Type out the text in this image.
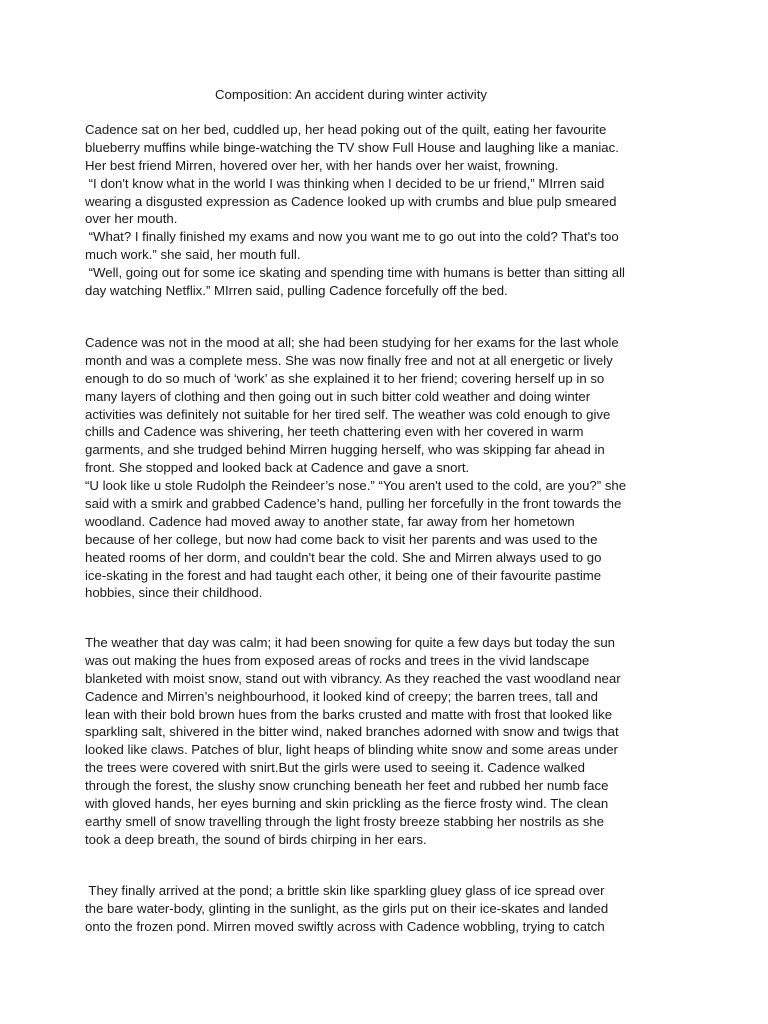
Composition: An accident during winter activity
Cadence sat on her bed, cuddled up, her head poking out of the quilt, eating her favourite
blueberry muffins while binge-watching the TV show Full House and laughing like a maniac.
Her best friend Mirren, hovered over her, with her hands over her waist, frowning.
“I don't know what in the world I was thinking when I decided to be ur friend,” MIrren said
wearing a disgusted expression as Cadence looked up with crumbs and blue pulp smeared
over her mouth.
“What? I finally finished my exams and now you want me to go out into the cold? That's too
much work.” she said, her mouth full.
“Well, going out for some ice skating and spending time with humans is better than sitting all
day watching Netflix.” MIrren said, pulling Cadence forcefully off the bed.
Cadence was not in the mood at all; she had been studying for her exams for the last whole
month and was a complete mess. She was now finally free and not at all energetic or lively
enough to do so much of ‘work’ as she explained it to her friend; covering herself up in so
many layers of clothing and then going out in such bitter cold weather and doing winter
activities was definitely not suitable for her tired self. The weather was cold enough to give
chills and Cadence was shivering, her teeth chattering even with her covered in warm
garments, and she trudged behind Mirren hugging herself, who was skipping far ahead in
front. She stopped and looked back at Cadence and gave a snort.
“U look like u stole Rudolph the Reindeer’s nose.” “You aren't used to the cold, are you?” she
said with a smirk and grabbed Cadence’s hand, pulling her forcefully in the front towards the
woodland. Cadence had moved away to another state, far away from her hometown
because of her college, but now had come back to visit her parents and was used to the
heated rooms of her dorm, and couldn't bear the cold. She and Mirren always used to go
ice-skating in the forest and had taught each other, it being one of their favourite pastime
hobbies, since their childhood.
The weather that day was calm; it had been snowing for quite a few days but today the sun
was out making the hues from exposed areas of rocks and trees in the vivid landscape
blanketed with moist snow, stand out with vibrancy. As they reached the vast woodland near
Cadence and Mirren’s neighbourhood, it looked kind of creepy; the barren trees, tall and
lean with their bold brown hues from the barks crusted and matte with frost that looked like
sparkling salt, shivered in the bitter wind, naked branches adorned with snow and twigs that
looked like claws. Patches of blur, light heaps of blinding white snow and some areas under
the trees were covered with snirt.But the girls were used to seeing it. Cadence walked
through the forest, the slushy snow crunching beneath her feet and rubbed her numb face
with gloved hands, her eyes burning and skin prickling as the fierce frosty wind. The clean
earthy smell of snow travelling through the light frosty breeze stabbing her nostrils as she
took a deep breath, the sound of birds chirping in her ears.
They finally arrived at the pond; a brittle skin like sparkling gluey glass of ice spread over
the bare water-body, glinting in the sunlight, as the girls put on their ice-skates and landed
onto the frozen pond. Mirren moved swiftly across with Cadence wobbling, trying to catch
